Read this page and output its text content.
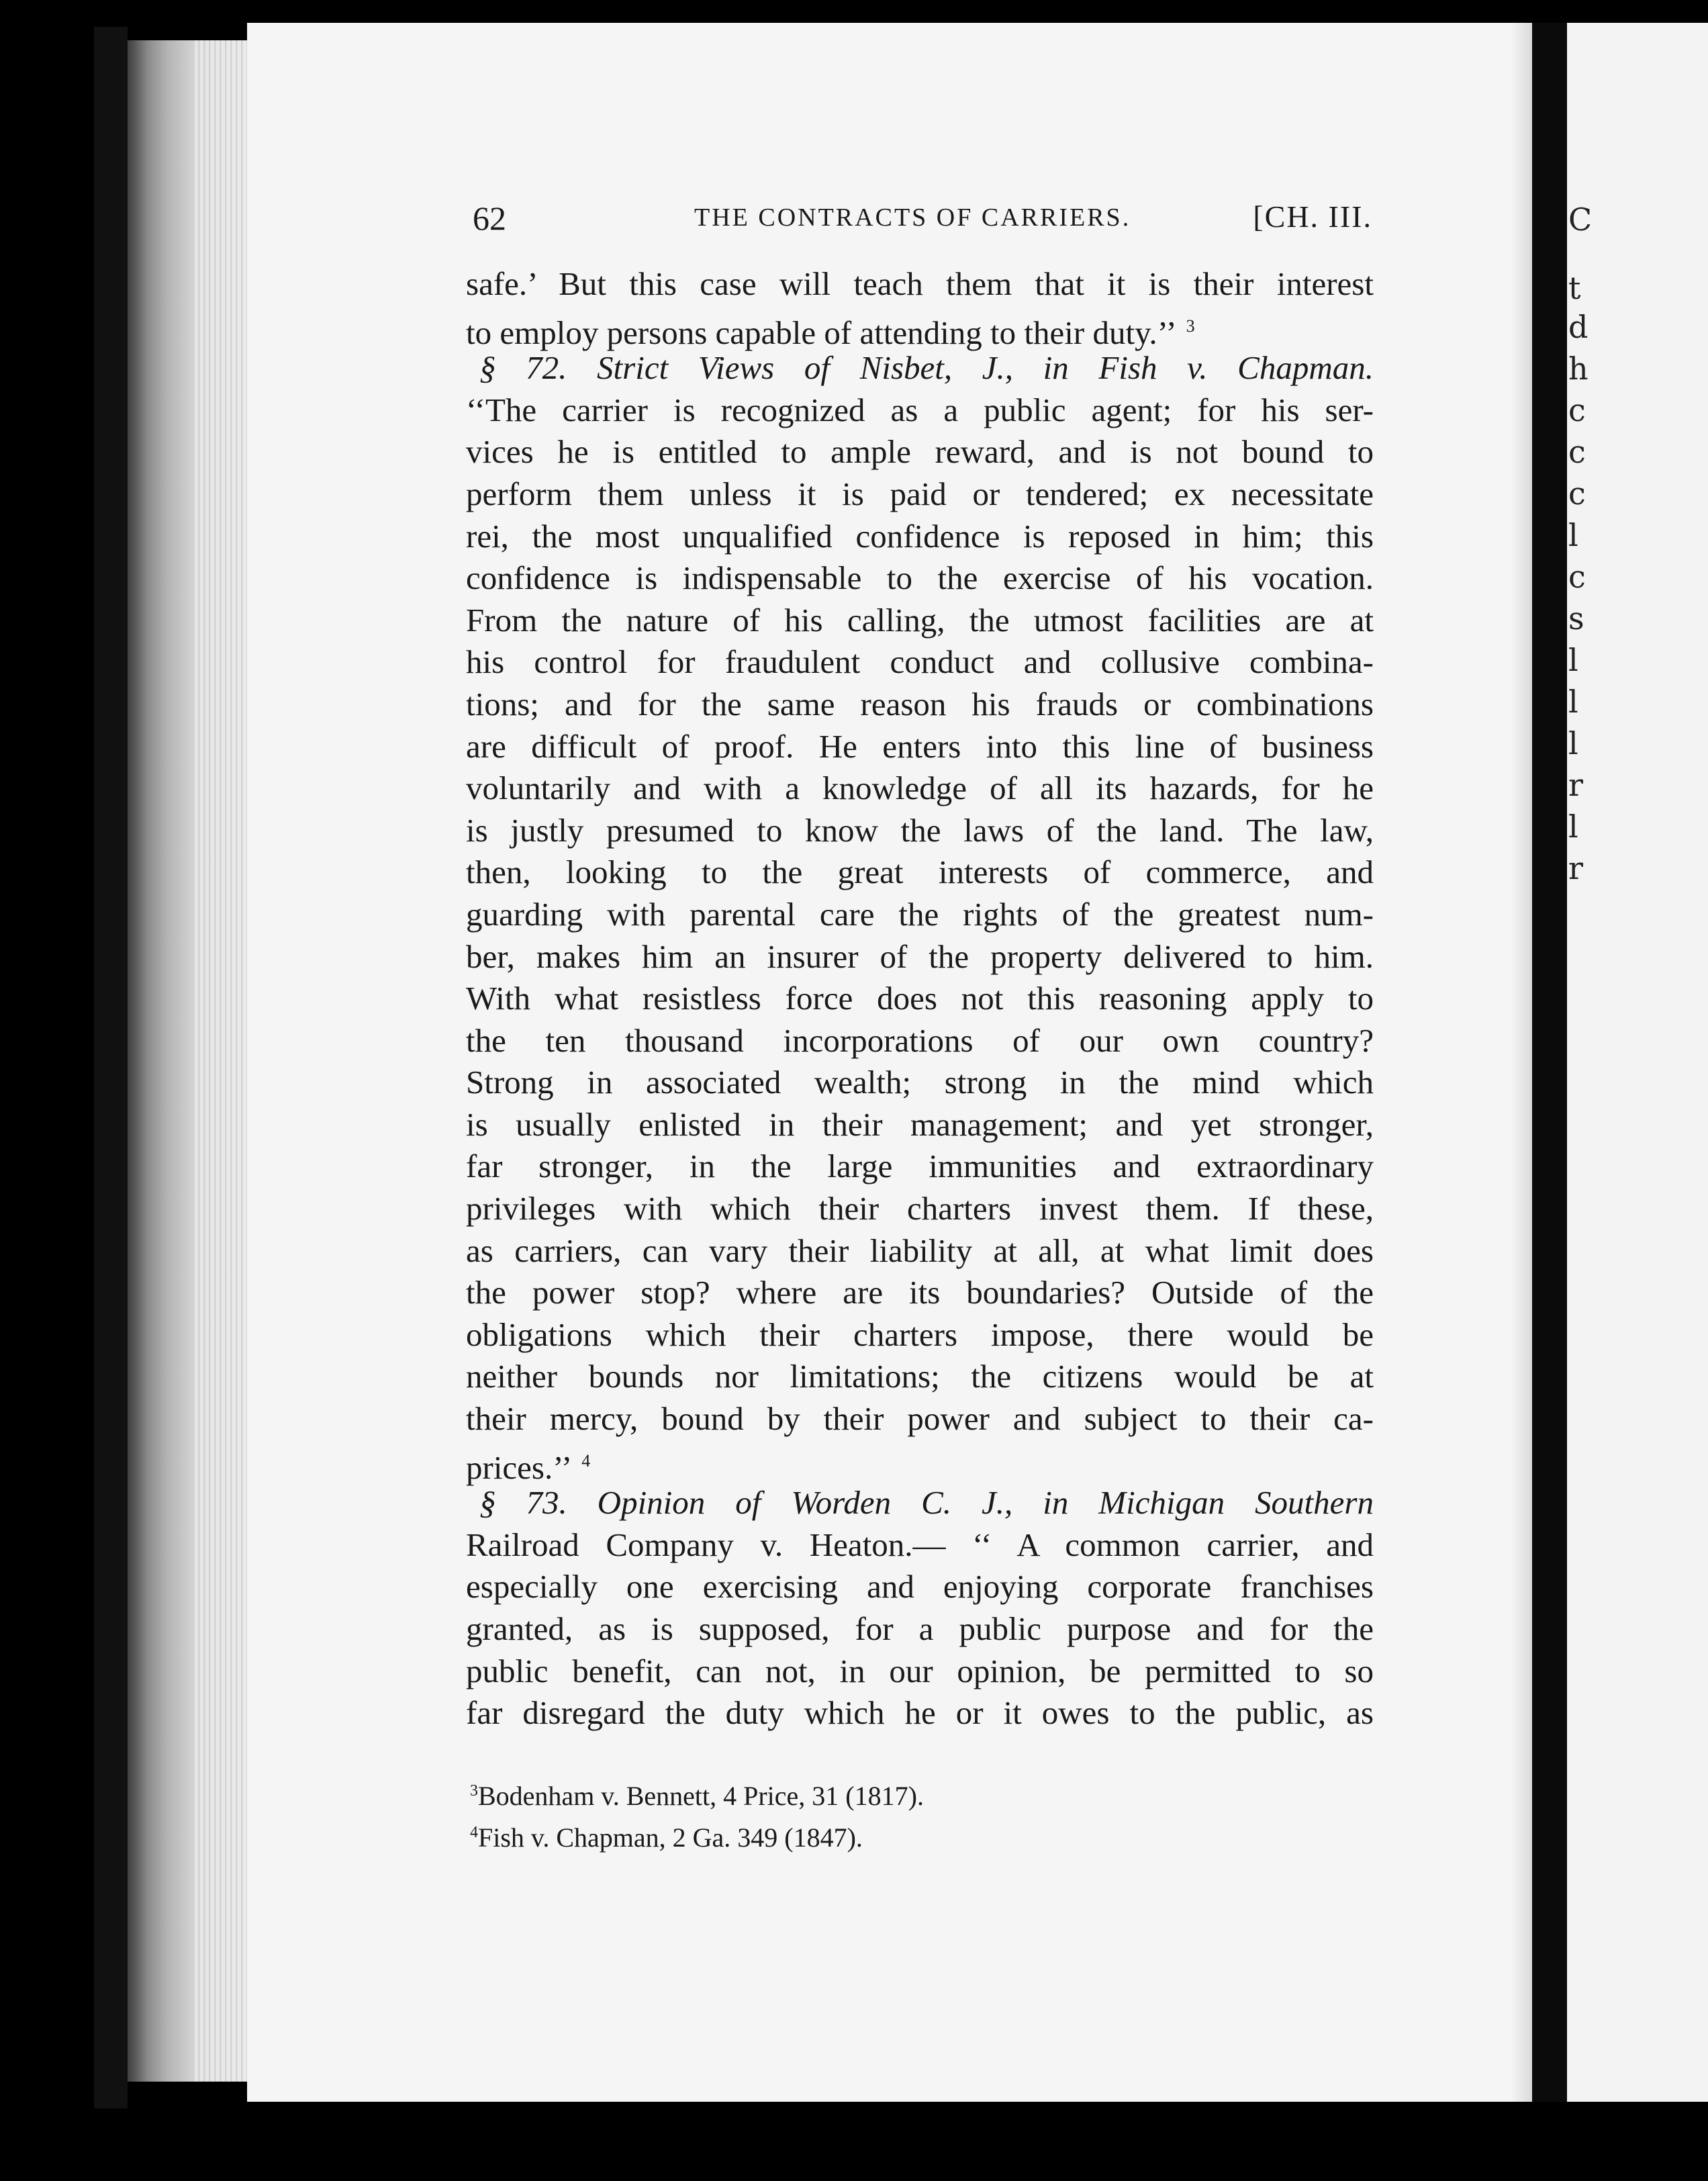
C
t
d
h
c
c
c
l
c
s
l
l
l
r
l
r
62	THE CONTRACTS OF CARRIERS.	[CH. III.
safe.’ But this case will teach them that it is their interest
to employ persons capable of attending to their duty.’’ $^3$
§ 72. Strict Views of Nisbet, J., in Fish v. Chapman.
‘‘The carrier is recognized as a public agent; for his ser-
vices he is entitled to ample reward, and is not bound to
perform them unless it is paid or tendered; ex necessitate
rei, the most unqualified confidence is reposed in him; this
confidence is indispensable to the exercise of his vocation.
From the nature of his calling, the utmost facilities are at
his control for fraudulent conduct and collusive combina-
tions; and for the same reason his frauds or combinations
are difficult of proof. He enters into this line of business
voluntarily and with a knowledge of all its hazards, for he
is justly presumed to know the laws of the land. The law,
then, looking to the great interests of commerce, and
guarding with parental care the rights of the greatest num-
ber, makes him an insurer of the property delivered to him.
With what resistless force does not this reasoning apply to
the ten thousand incorporations of our own country?
Strong in associated wealth; strong in the mind which
is usually enlisted in their management; and yet stronger,
far stronger, in the large immunities and extraordinary
privileges with which their charters invest them. If these,
as carriers, can vary their liability at all, at what limit does
the power stop? where are its boundaries? Outside of the
obligations which their charters impose, there would be
neither bounds nor limitations; the citizens would be at
their mercy, bound by their power and subject to their ca-
prices.’’ $^4$
§ 73. Opinion of Worden C. J., in Michigan Southern
Railroad Company v. Heaton.— ‘‘ A common carrier, and
especially one exercising and enjoying corporate franchises
granted, as is supposed, for a public purpose and for the
public benefit, can not, in our opinion, be permitted to so
far disregard the duty which he or it owes to the public, as
$^3$Bodenham v. Bennett, 4 Price, 31 (1817).
$^4$Fish v. Chapman, 2 Ga. 349 (1847).
